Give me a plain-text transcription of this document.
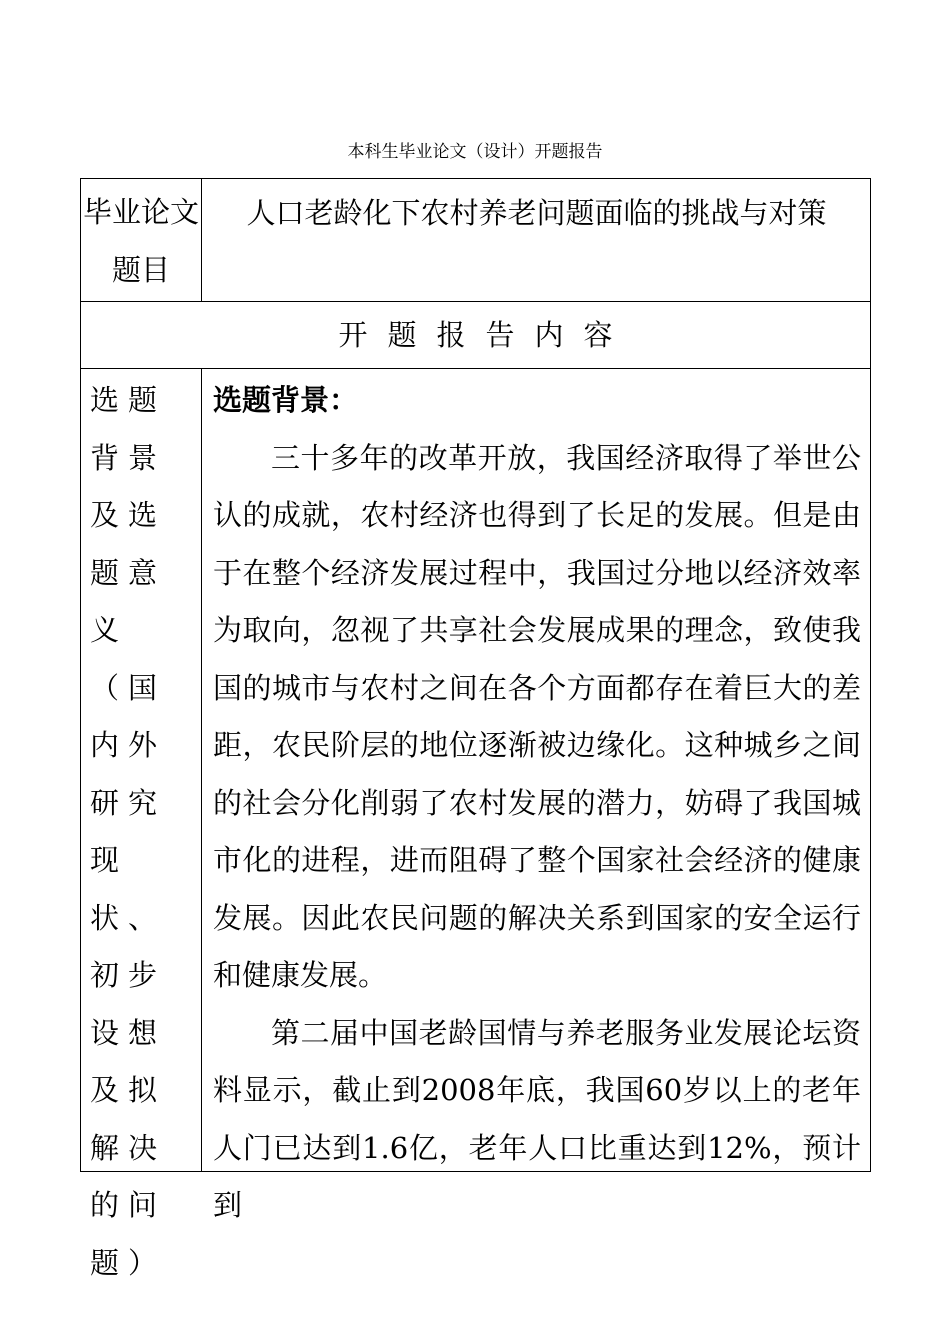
本科生毕业论文（设计）开题报告
毕业论文
题目
人口老龄化下农村养老问题面临的挑战与对策
开题报告内容
选题背景及选题意义（国内外研究现状、初步设想及拟解决的问题）

选题背景：

三十多年的改革开放，我国经济取得了举世公认的成就，农村经济也得到了长足的发展。但是由于在整个经济发展过程中，我国过分地以经济效率为取向，忽视了共享社会发展成果的理念，致使我国的城市与农村之间在各个方面都存在着巨大的差距，农民阶层的地位逐渐被边缘化。这种城乡之间的社会分化削弱了农村发展的潜力，妨碍了我国城市化的进程，进而阻碍了整个国家社会经济的健康发展。因此农民问题的解决关系到国家的安全运行和健康发展。

第二届中国老龄国情与养老服务业发展论坛资料显示，截止到2008年底，我国60岁以上的老年人门已达到1.6亿，老年人口比重达到12%，预计到
